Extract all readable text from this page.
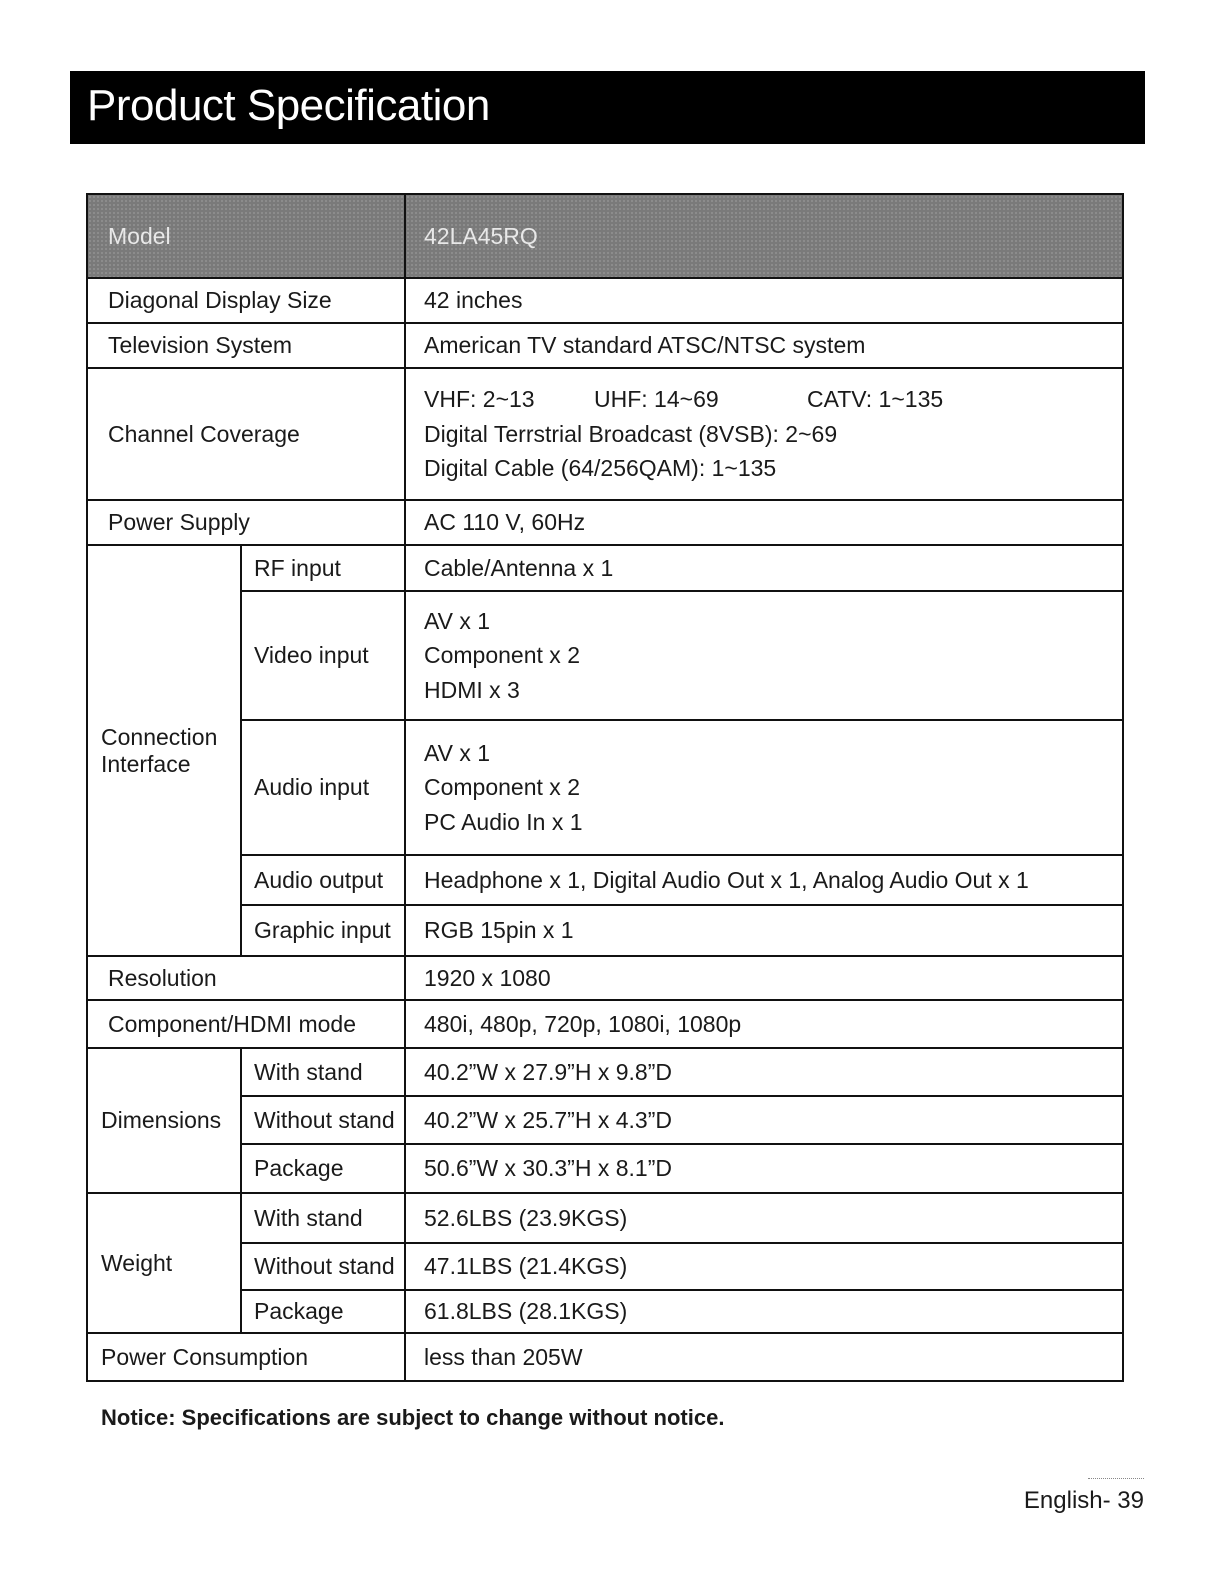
Product Specification
Model		42LA45RQ
Diagonal Display Size		42 inches
Television System		American TV standard ATSC/NTSC system
Channel Coverage		VHF: 2~13 UHF: 14~69 CATV: 1~135
Digital Terrstrial Broadcast (8VSB): 2~69
Digital Cable (64/256QAM): 1~135

Power Supply		AC 110 V, 60Hz

Connection
Interface	RF input	Cable/Antenna x 1
	Video input	AV x 1
Component x 2
HDMI x 3

	Audio input	AV x 1
Component x 2
PC Audio In x 1

	Audio output	Headphone x 1, Digital Audio Out x 1, Analog Audio Out x 1
	Graphic input	RGB 15pin x 1
Resolution		1920 x 1080
Component/HDMI mode		480i, 480p, 720p, 1080i, 1080p
Dimensions	With stand	40.2”W x 27.9”H x 9.8”D
	Without stand	40.2”W x 25.7”H x 4.3”D
	Package	50.6”W x 30.3”H x 8.1”D
Weight	With stand	52.6LBS (23.9KGS)
	Without stand	47.1LBS (21.4KGS)
	Package	61.8LBS (28.1KGS)
Power Consumption		less than 205W
Notice: Specifications are subject to change without notice.
English- 39
